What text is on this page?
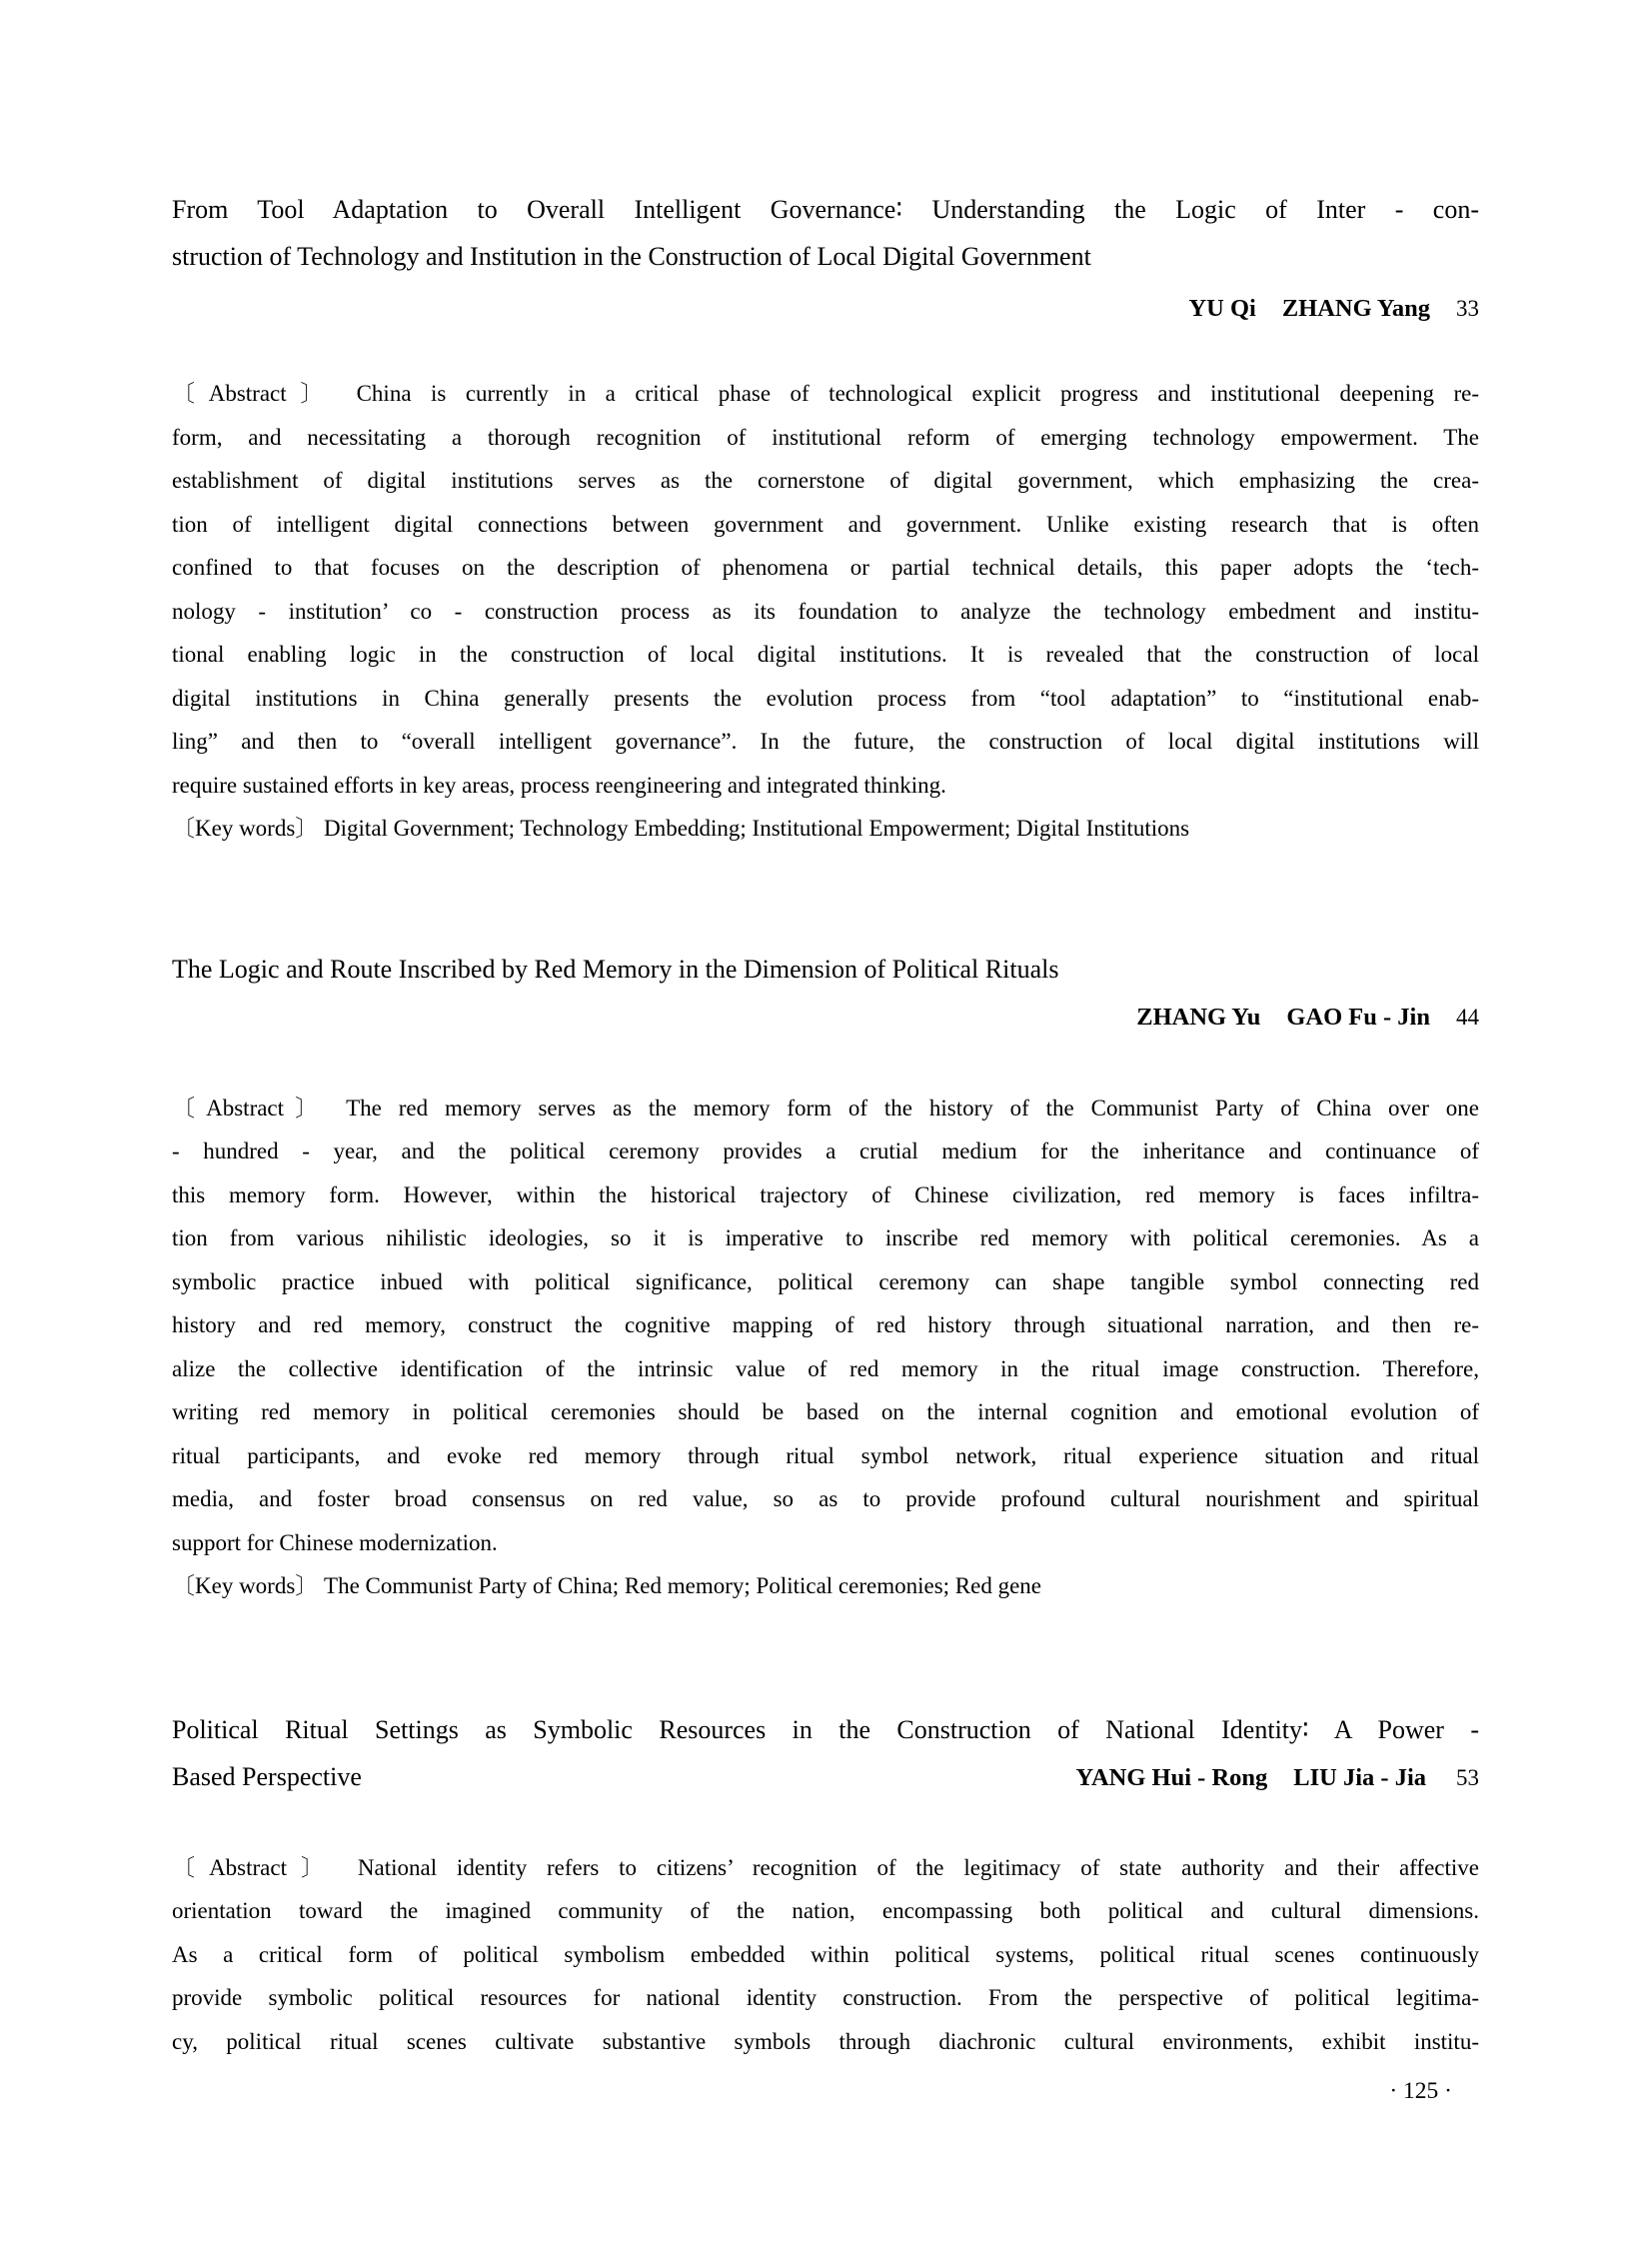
From Tool Adaptation to Overall Intelligent Governance∶ Understanding the Logic of Inter - con-
struction of Technology and Institution in the Construction of Local Digital Government
YU Qi ZHANG Yang 33
〔Abstract〕 China is currently in a critical phase of technological explicit progress and institutional deepening re-
form, and necessitating a thorough recognition of institutional reform of emerging technology empowerment. The
establishment of digital institutions serves as the cornerstone of digital government, which emphasizing the crea-
tion of intelligent digital connections between government and government. Unlike existing research that is often
confined to that focuses on the description of phenomena or partial technical details, this paper adopts the ‘tech-
nology - institution’ co - construction process as its foundation to analyze the technology embedment and institu-
tional enabling logic in the construction of local digital institutions. It is revealed that the construction of local
digital institutions in China generally presents the evolution process from “tool adaptation” to “institutional enab-
ling” and then to “overall intelligent governance”. In the future, the construction of local digital institutions will
require sustained efforts in key areas, process reengineering and integrated thinking.
〔Key words〕 Digital Government; Technology Embedding; Institutional Empowerment; Digital Institutions
The Logic and Route Inscribed by Red Memory in the Dimension of Political Rituals
ZHANG Yu GAO Fu - Jin 44
〔Abstract〕 The red memory serves as the memory form of the history of the Communist Party of China over one
- hundred - year, and the political ceremony provides a crutial medium for the inheritance and continuance of
this memory form. However, within the historical trajectory of Chinese civilization, red memory is faces infiltra-
tion from various nihilistic ideologies, so it is imperative to inscribe red memory with political ceremonies. As a
symbolic practice inbued with political significance, political ceremony can shape tangible symbol connecting red
history and red memory, construct the cognitive mapping of red history through situational narration, and then re-
alize the collective identification of the intrinsic value of red memory in the ritual image construction. Therefore,
writing red memory in political ceremonies should be based on the internal cognition and emotional evolution of
ritual participants, and evoke red memory through ritual symbol network, ritual experience situation and ritual
media, and foster broad consensus on red value, so as to provide profound cultural nourishment and spiritual
support for Chinese modernization.
〔Key words〕 The Communist Party of China; Red memory; Political ceremonies; Red gene
Political Ritual Settings as Symbolic Resources in the Construction of National Identity∶ A Power -
Based Perspective	YANG Hui - Rong LIU Jia - Jia 53
〔Abstract〕 National identity refers to citizens’ recognition of the legitimacy of state authority and their affective
orientation toward the imagined community of the nation, encompassing both political and cultural dimensions.
As a critical form of political symbolism embedded within political systems, political ritual scenes continuously
provide symbolic political resources for national identity construction. From the perspective of political legitima-
cy, political ritual scenes cultivate substantive symbols through diachronic cultural environments, exhibit institu-
· 125 ·
